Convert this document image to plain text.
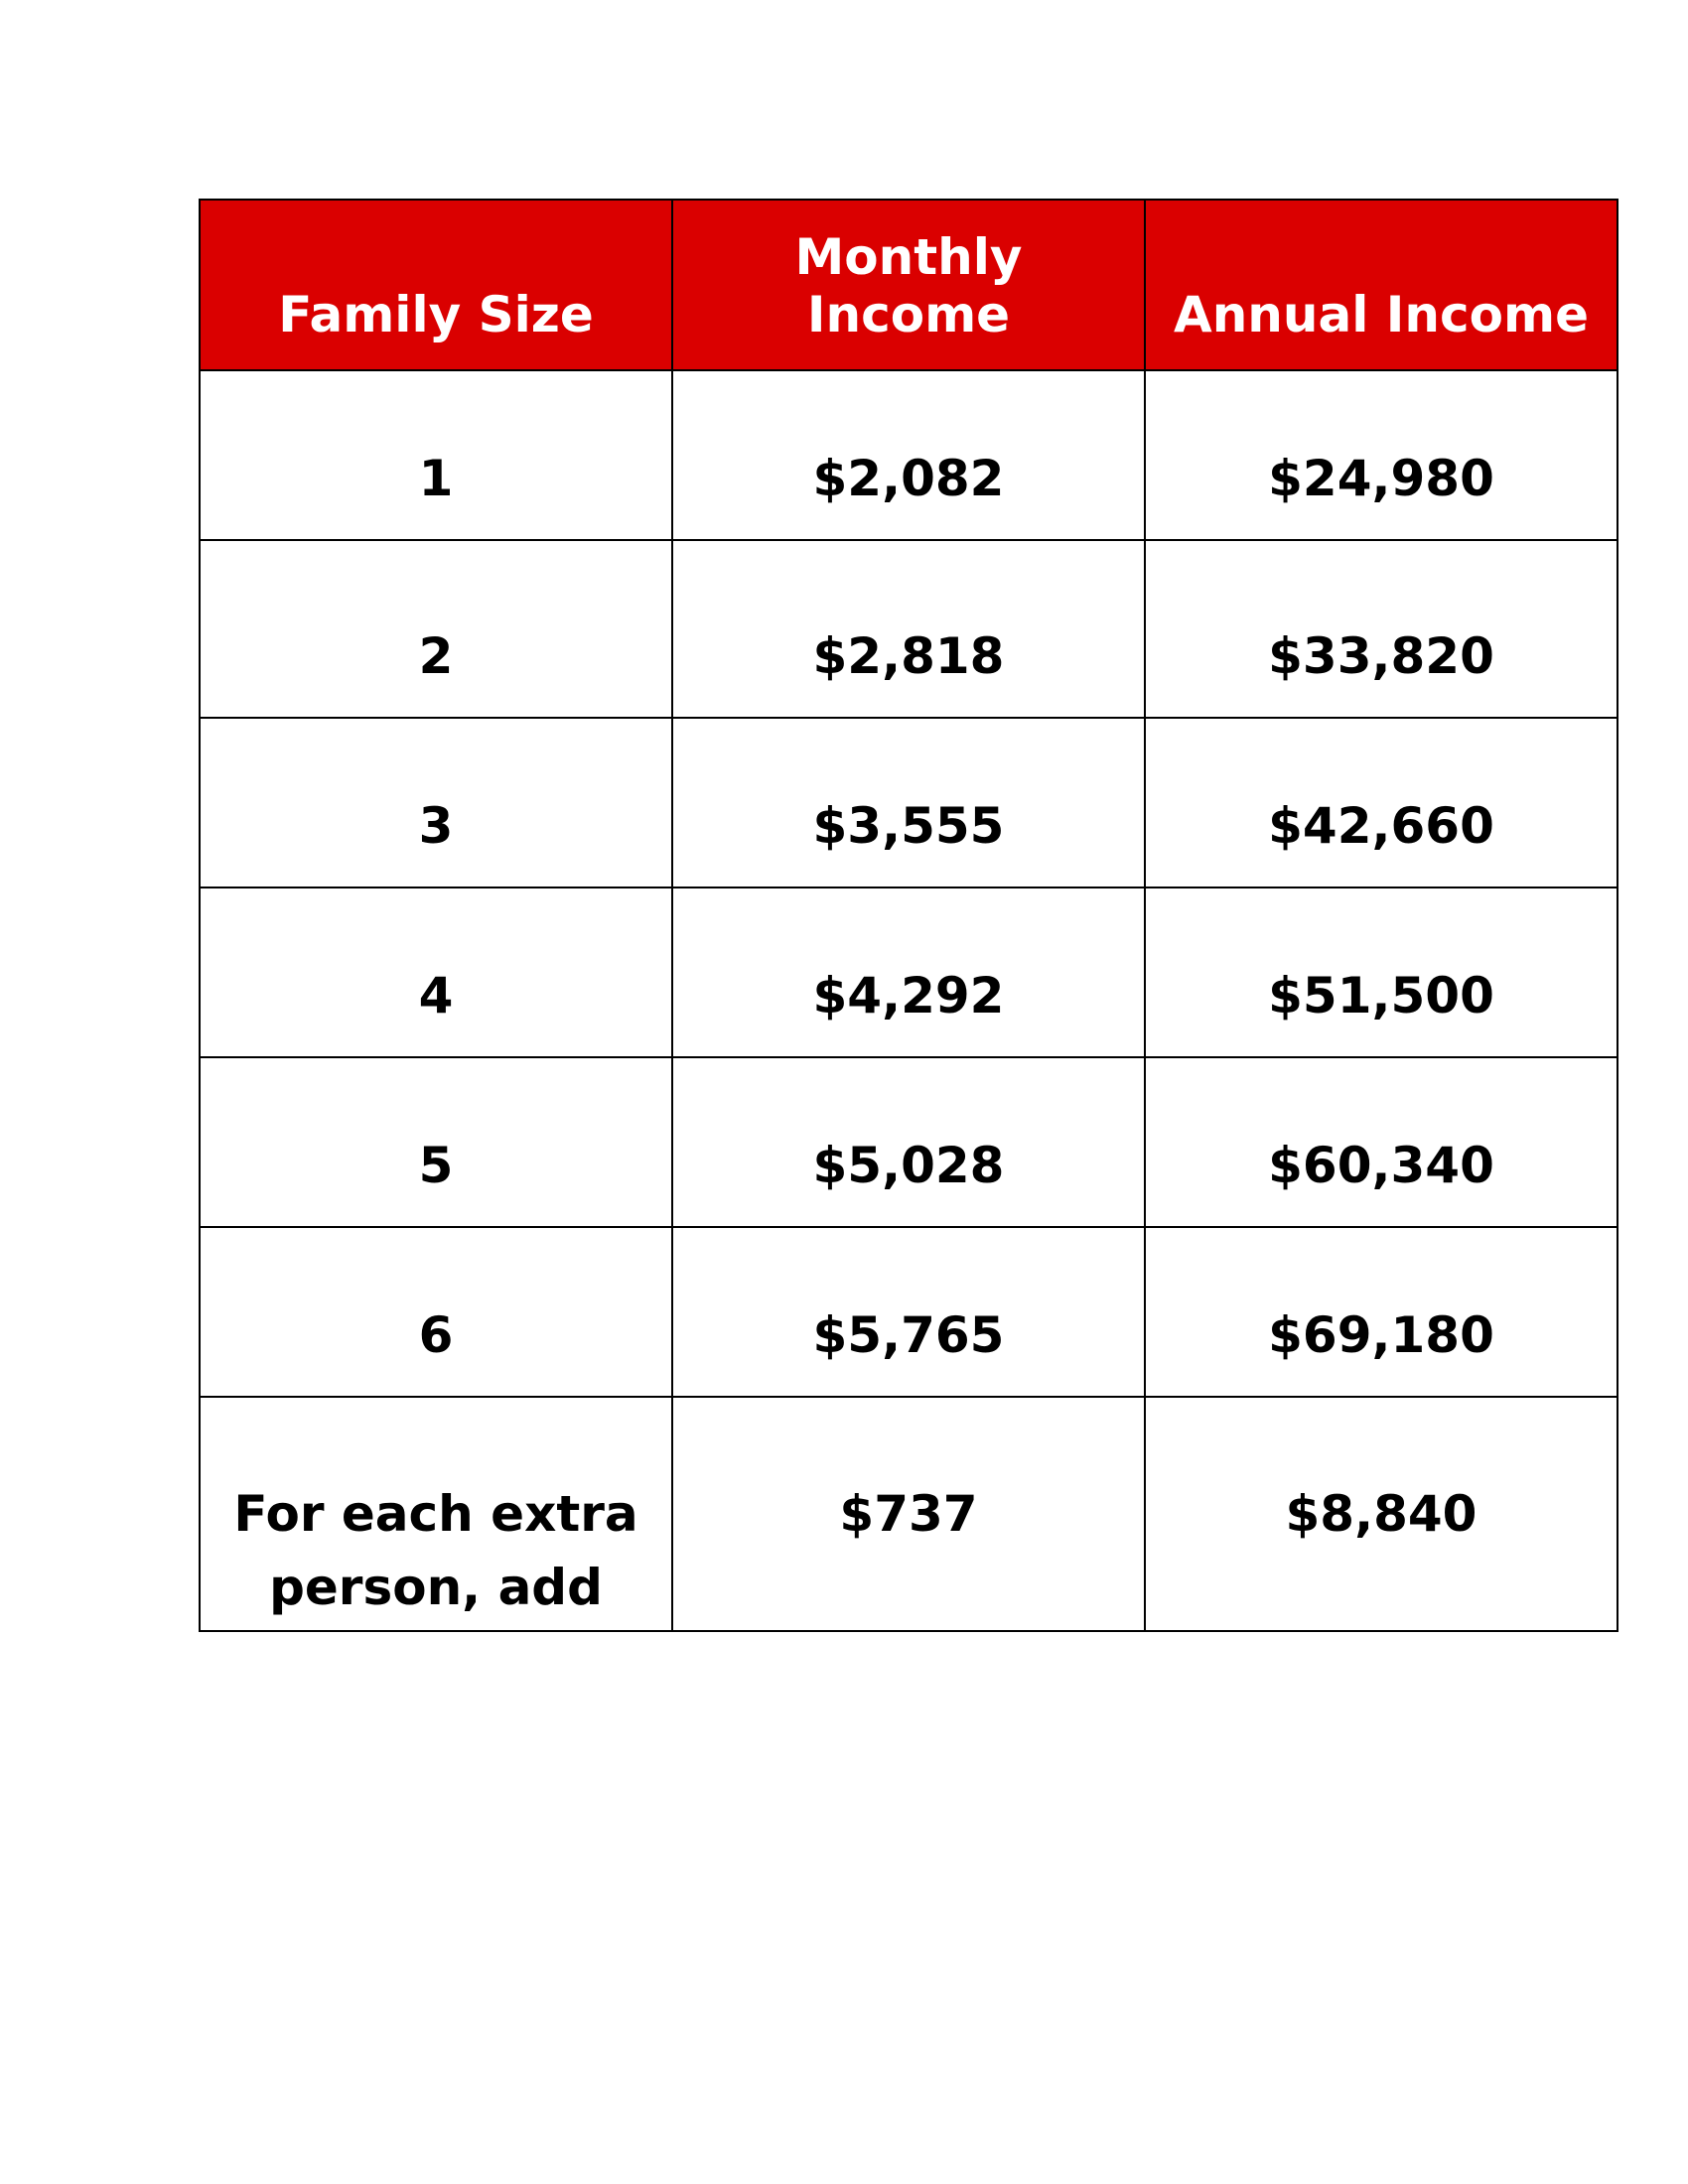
Family Size	Monthly Income	Annual Income
1	$2,082	$24,980
2	$2,818	$33,820
3	$3,555	$42,660
4	$4,292	$51,500
5	$5,028	$60,340
6	$5,765	$69,180
For each extra person, add	$737	$8,840
